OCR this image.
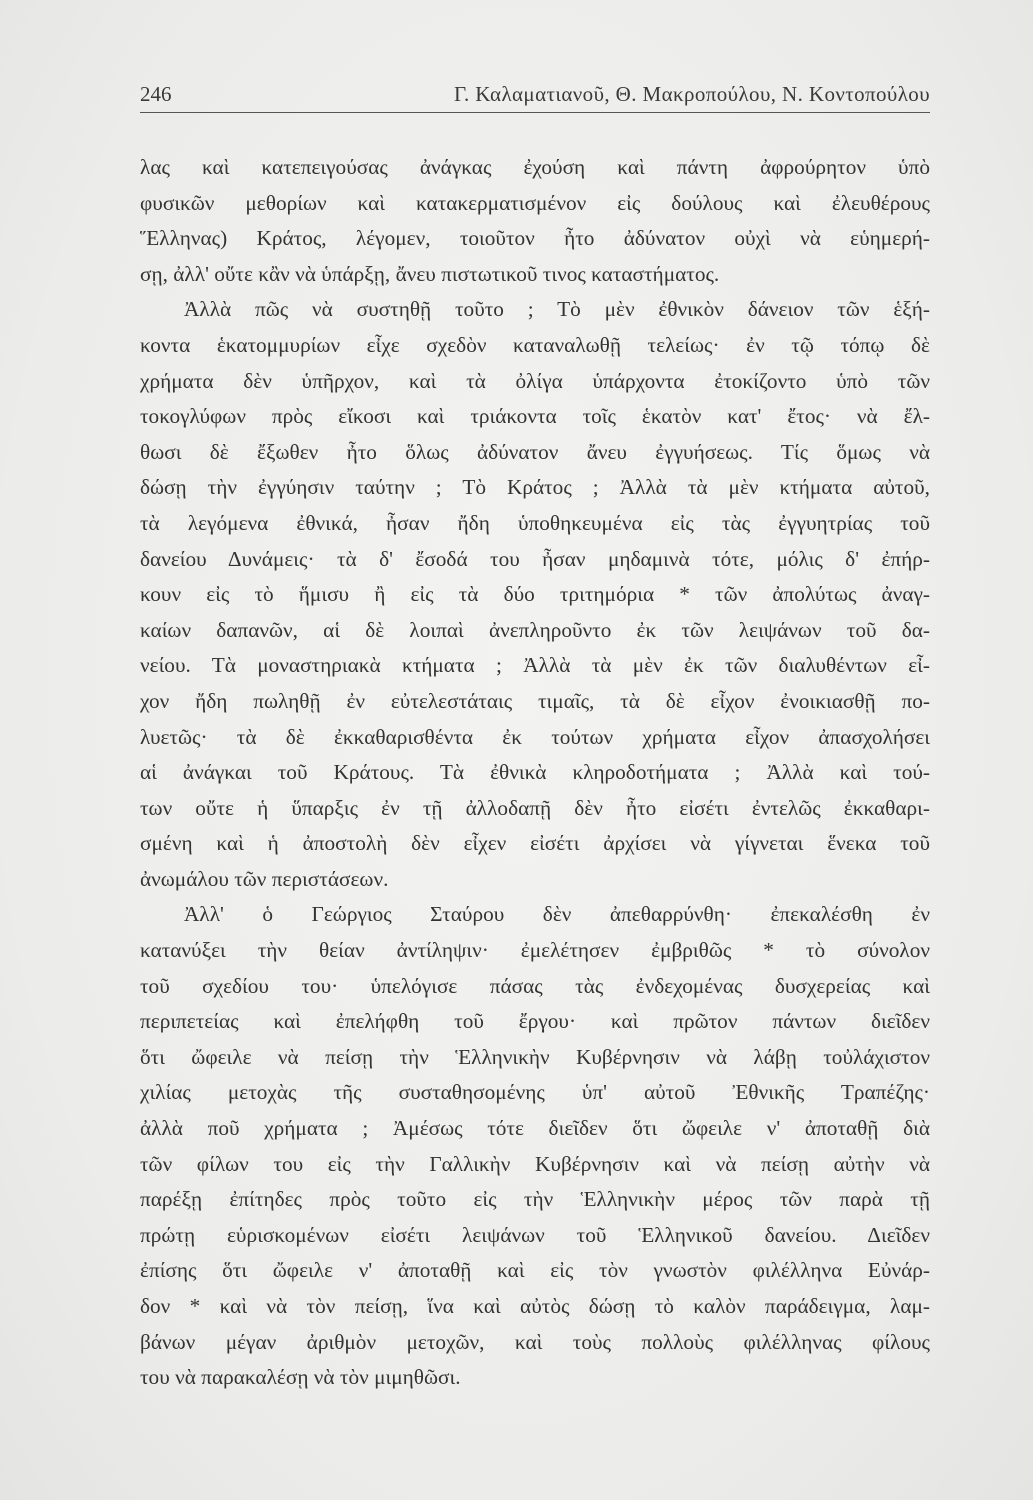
246	Γ. Καλαματιανοῦ, Θ. Μακροπούλου, Ν. Κοντοπούλου
λας καὶ κατεπειγούσας ἀνάγκας ἐχούση καὶ πάντη ἀφρούρητον ὑπὸ
φυσικῶν μεθορίων καὶ κατακερματισμένον εἰς δούλους καὶ ἐλευθέρους
Ἕλληνας) Κράτος, λέγομεν, τοιοῦτον ἦτο ἀδύνατον οὐχὶ νὰ εὑημερή-
σῃ, ἀλλ' οὔτε κἂν νὰ ὑπάρξῃ, ἄνευ πιστωτικοῦ τινος καταστήματος.
Ἀλλὰ πῶς νὰ συστηθῇ τοῦτο ; Τὸ μὲν ἐθνικὸν δάνειον τῶν ἑξή-
κοντα ἑκατομμυρίων εἶχε σχεδὸν καταναλωθῇ τελείως· ἐν τῷ τόπῳ δὲ
χρήματα δὲν ὑπῆρχον, καὶ τὰ ὀλίγα ὑπάρχοντα ἐτοκίζοντο ὑπὸ τῶν
τοκογλύφων πρὸς εἴκοσι καὶ τριάκοντα τοῖς ἑκατὸν κατ' ἔτος· νὰ ἔλ-
θωσι δὲ ἔξωθεν ἦτο ὅλως ἀδύνατον ἄνευ ἐγγυήσεως. Τίς ὅμως νὰ
δώσῃ τὴν ἐγγύησιν ταύτην ; Τὸ Κράτος ; Ἀλλὰ τὰ μὲν κτήματα αὐτοῦ,
τὰ λεγόμενα ἐθνικά, ἦσαν ἤδη ὑποθηκευμένα εἰς τὰς ἐγγυητρίας τοῦ
δανείου Δυνάμεις· τὰ δ' ἔσοδά του ἦσαν μηδαμινὰ τότε, μόλις δ' ἐπήρ-
κουν εἰς τὸ ἥμισυ ἢ εἰς τὰ δύο τριτημόρια * τῶν ἀπολύτως ἀναγ-
καίων δαπανῶν, αἱ δὲ λοιπαὶ ἀνεπληροῦντο ἐκ τῶν λειψάνων τοῦ δα-
νείου. Τὰ μοναστηριακὰ κτήματα ; Ἀλλὰ τὰ μὲν ἐκ τῶν διαλυθέντων εἶ-
χον ἤδη πωληθῇ ἐν εὐτελεστάταις τιμαῖς, τὰ δὲ εἶχον ἐνοικιασθῇ πο-
λυετῶς· τὰ δὲ ἐκκαθαρισθέντα ἐκ τούτων χρήματα εἶχον ἀπασχολήσει
αἱ ἀνάγκαι τοῦ Κράτους. Τὰ ἐθνικὰ κληροδοτήματα ; Ἀλλὰ καὶ τού-
των οὔτε ἡ ὕπαρξις ἐν τῇ ἀλλοδαπῇ δὲν ἦτο εἰσέτι ἐντελῶς ἐκκαθαρι-
σμένη καὶ ἡ ἀποστολὴ δὲν εἶχεν εἰσέτι ἀρχίσει νὰ γίγνεται ἕνεκα τοῦ
ἀνωμάλου τῶν περιστάσεων.
Ἀλλ' ὁ Γεώργιος Σταύρου δὲν ἀπεθαρρύνθη· ἐπεκαλέσθη ἐν
κατανύξει τὴν θείαν ἀντίληψιν· ἐμελέτησεν ἐμβριθῶς * τὸ σύνολον
τοῦ σχεδίου του· ὑπελόγισε πάσας τὰς ἐνδεχομένας δυσχερείας καὶ
περιπετείας καὶ ἐπελήφθη τοῦ ἔργου· καὶ πρῶτον πάντων διεῖδεν
ὅτι ὤφειλε νὰ πείσῃ τὴν Ἑλληνικὴν Κυβέρνησιν νὰ λάβῃ τοὐλάχιστον
χιλίας μετοχὰς τῆς συσταθησομένης ὑπ' αὐτοῦ Ἐθνικῆς Τραπέζης·
ἀλλὰ ποῦ χρήματα ; Ἀμέσως τότε διεῖδεν ὅτι ὤφειλε ν' ἀποταθῇ διὰ
τῶν φίλων του εἰς τὴν Γαλλικὴν Κυβέρνησιν καὶ νὰ πείσῃ αὐτὴν νὰ
παρέξῃ ἐπίτηδες πρὸς τοῦτο εἰς τὴν Ἑλληνικὴν μέρος τῶν παρὰ τῇ
πρώτῃ εὑρισκομένων εἰσέτι λειψάνων τοῦ Ἑλληνικοῦ δανείου. Διεῖδεν
ἐπίσης ὅτι ὤφειλε ν' ἀποταθῇ καὶ εἰς τὸν γνωστὸν φιλέλληνα Εὐνάρ-
δον * καὶ νὰ τὸν πείσῃ, ἵνα καὶ αὐτὸς δώσῃ τὸ καλὸν παράδειγμα, λαμ-
βάνων μέγαν ἀριθμὸν μετοχῶν, καὶ τοὺς πολλοὺς φιλέλληνας φίλους
του νὰ παρακαλέσῃ νὰ τὸν μιμηθῶσι.
